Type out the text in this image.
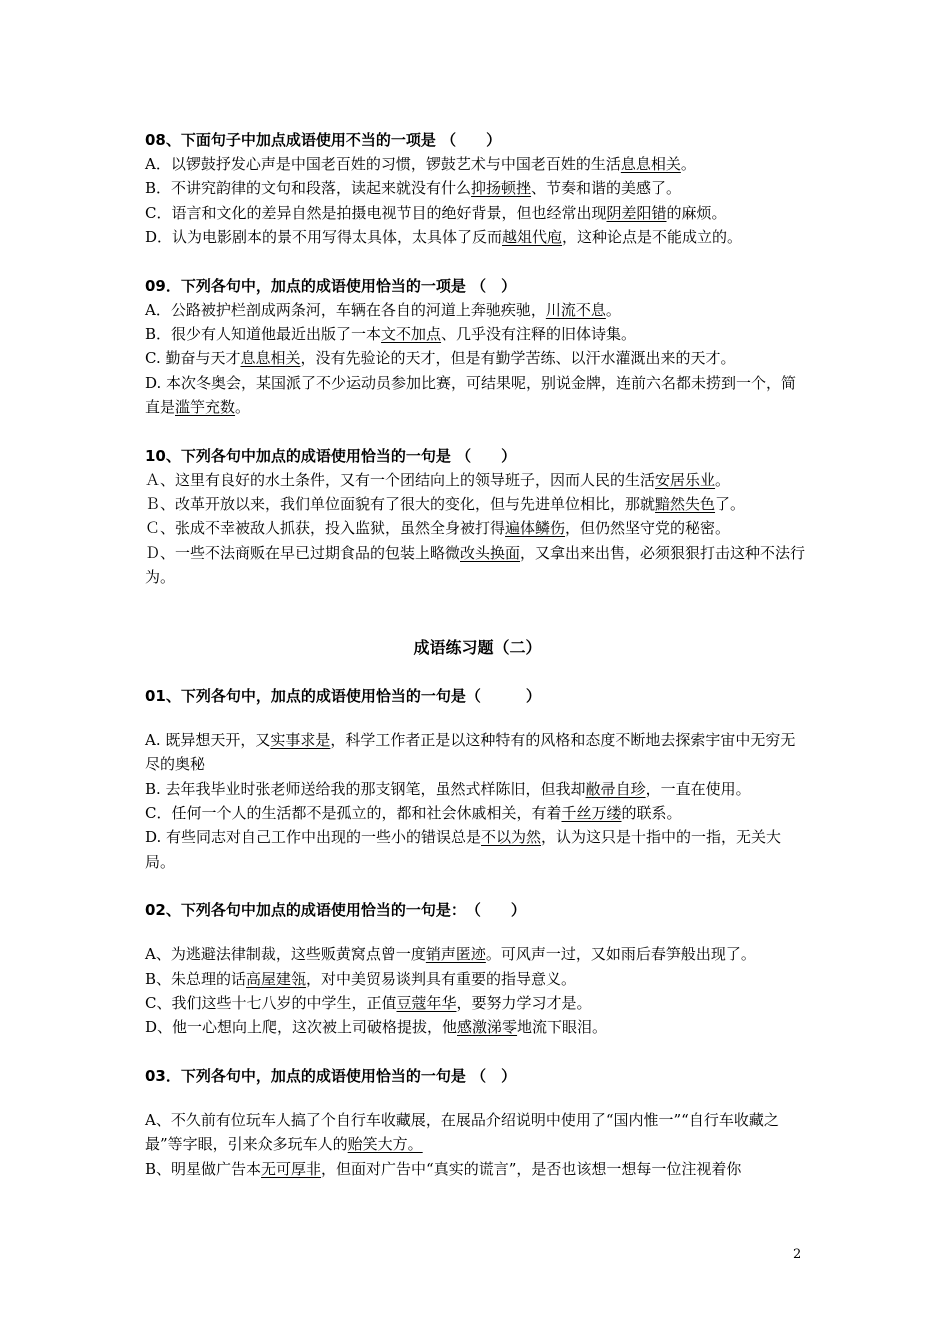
08、下面句子中加点成语使用不当的一项是 （　　）

A．以锣鼓抒发心声是中国老百姓的习惯，锣鼓艺术与中国老百姓的生活息息相关。

B．不讲究韵律的文句和段落，读起来就没有什么抑扬顿挫、节奏和谐的美感了。

C．语言和文化的差异自然是拍摄电视节目的绝好背景，但也经常出现阴差阳错的麻烦。

D．认为电影剧本的景不用写得太具体，太具体了反而越俎代庖，这种论点是不能成立的。

09．下列各句中，加点的成语使用恰当的一项是 （　）

A．公路被护栏剖成两条河，车辆在各自的河道上奔驰疾驰，川流不息。

B．很少有人知道他最近出版了一本文不加点、几乎没有注释的旧体诗集。

C. 勤奋与天才息息相关，没有先验论的天才，但是有勤学苦练、以汗水灌溉出来的天才。

D. 本次冬奥会，某国派了不少运动员参加比赛，可结果呢，别说金牌，连前六名都未捞到一个，简直是滥竽充数。

10、下列各句中加点的成语使用恰当的一句是 （　　）

Ａ、这里有良好的水土条件，又有一个团结向上的领导班子，因而人民的生活安居乐业。

Ｂ、改革开放以来，我们单位面貌有了很大的变化，但与先进单位相比，那就黯然失色了。

Ｃ、张成不幸被敌人抓获，投入监狱，虽然全身被打得遍体鳞伤，但仍然坚守党的秘密。

Ｄ、一些不法商贩在早已过期食品的包装上略微改头换面，又拿出来出售，必须狠狠打击这种不法行为。

成语练习题（二）

01、下列各句中，加点的成语使用恰当的一句是（　　　）

A. 既异想天开，又实事求是，科学工作者正是以这种特有的风格和态度不断地去探索宇宙中无穷无尽的奥秘

B. 去年我毕业时张老师送给我的那支钢笔，虽然式样陈旧，但我却敝帚自珍，一直在使用。

C．任何一个人的生活都不是孤立的，都和社会休戚相关，有着千丝万缕的联系。

D. 有些同志对自己工作中出现的一些小的错误总是不以为然，认为这只是十指中的一指，无关大局。

02、下列各句中加点的成语使用恰当的一句是：　（　　）

A、为逃避法律制裁，这些贩黄窝点曾一度销声匿迹。可风声一过，又如雨后春笋般出现了。

B、朱总理的话高屋建瓴，对中美贸易谈判具有重要的指导意义。

C、我们这些十七八岁的中学生，正值豆蔻年华，要努力学习才是。

D、他一心想向上爬，这次被上司破格提拔，他感激涕零地流下眼泪。

03．下列各句中，加点的成语使用恰当的一句是 （　）

A、不久前有位玩车人搞了个自行车收藏展，在展品介绍说明中使用了“国内惟一”“自行车收藏之最”等字眼，引来众多玩车人的贻笑大方。

B、明星做广告本无可厚非，但面对广告中“真实的谎言”，是否也该想一想每一位注视着你

2
